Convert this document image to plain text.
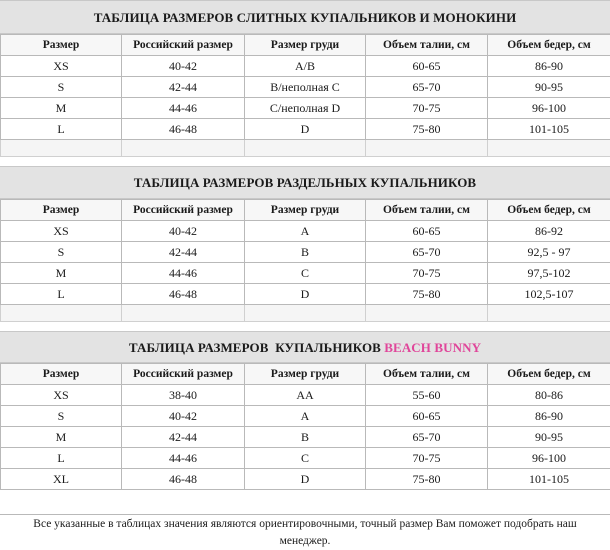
ТАБЛИЦА РАЗМЕРОВ СЛИТНЫХ КУПАЛЬНИКОВ И МОНОКИНИ
Размер	Российский размер	Размер груди	Объем талии, см	Объем бедер, см
XS	40-42	A/B	60-65	86-90
S	42-44	B/неполная C	65-70	90-95
M	44-46	C/неполная D	70-75	96-100
L	46-48	D	75-80	101-105

ТАБЛИЦА РАЗМЕРОВ РАЗДЕЛЬНЫХ КУПАЛЬНИКОВ
Размер	Российский размер	Размер груди	Объем талии, см	Объем бедер, см
XS	40-42	A	60-65	86-92
S	42-44	B	65-70	92,5 - 97
M	44-46	C	70-75	97,5-102
L	46-48	D	75-80	102,5-107

ТАБЛИЦА РАЗМЕРОВ  КУПАЛЬНИКОВ BEACH BUNNY
Размер	Российский размер	Размер груди	Объем талии, см	Объем бедер, см
XS	38-40	AA	55-60	80-86
S	40-42	A	60-65	86-90
M	42-44	B	65-70	90-95
L	44-46	C	70-75	96-100
XL	46-48	D	75-80	101-105
Все указанные в таблицах значения являются ориентировочными, точный размер Вам поможет подобрать наш менеджер.
